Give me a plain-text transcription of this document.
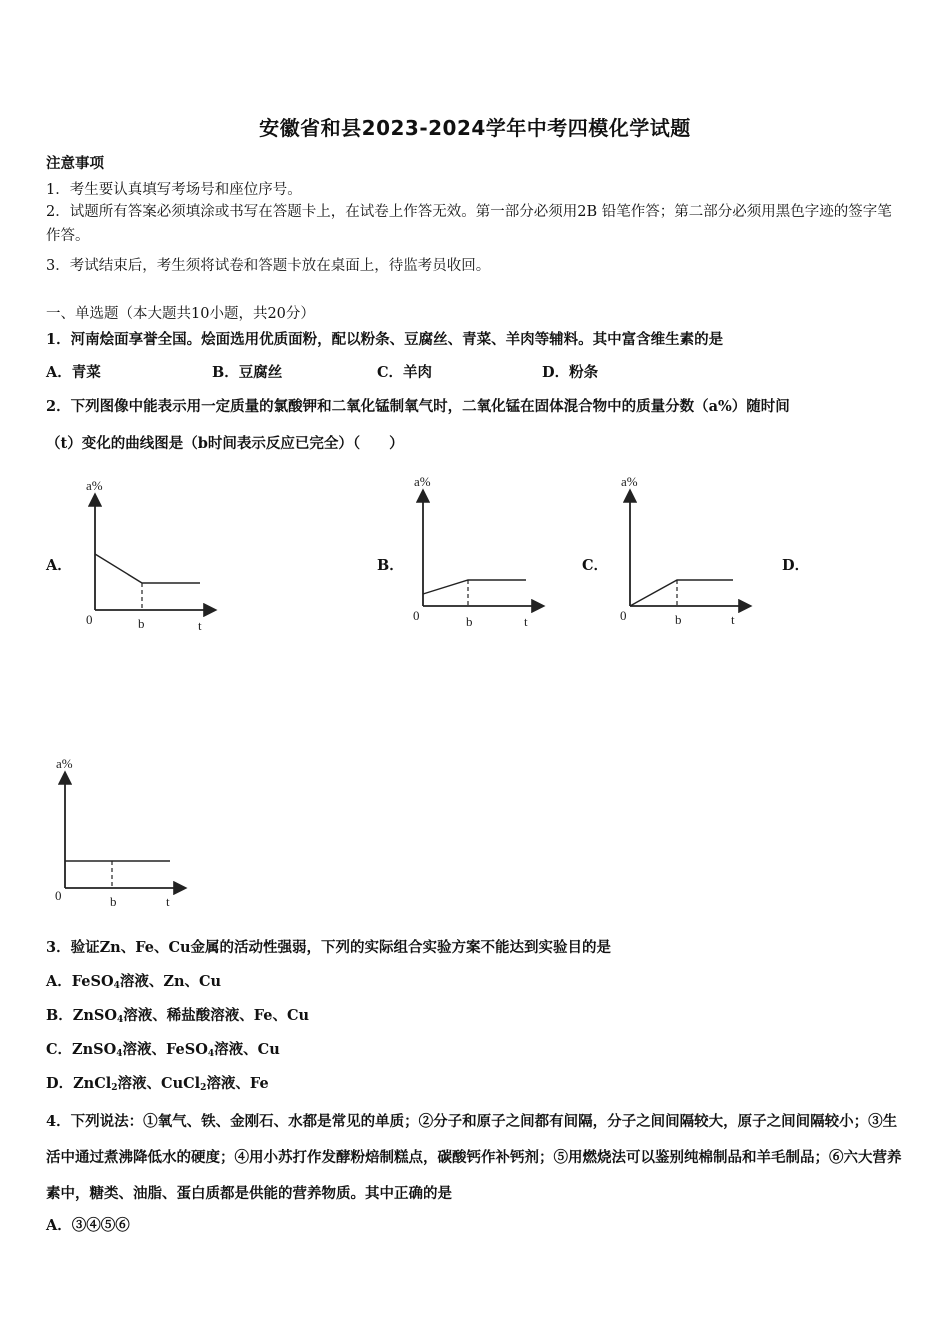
安徽省和县2023-2024学年中考四模化学试题
注意事项
1．考生要认真填写考场号和座位序号。
2．试题所有答案必须填涂或书写在答题卡上，在试卷上作答无效。第一部分必须用2B 铅笔作答；第二部分必须用黑色字迹的签字笔作答。
3．考试结束后，考生须将试卷和答题卡放在桌面上，待监考员收回。
一、单选题（本大题共10小题，共20分）
1．河南烩面享誉全国。烩面选用优质面粉，配以粉条、豆腐丝、青菜、羊肉等辅料。其中富含维生素的是
A．青菜	B．豆腐丝	C．羊肉	D．粉条
2．下列图像中能表示用一定质量的氯酸钾和二氧化锰制氧气时，二氧化锰在固体混合物中的质量分数（a%）随时间
（t）变化的曲线图是（b时间表示反应已完全）（　　）
A．	B．	C．	D．
a%
0	b	t
a%
0	b	t
a%
0	b	t
a%
0	b	t
3．验证Zn、Fe、Cu金属的活动性强弱，下列的实际组合实验方案不能达到实验目的是
A．FeSO$_4$溶液、Zn、Cu
B．ZnSO$_4$溶液、稀盐酸溶液、Fe、Cu
C．ZnSO$_4$溶液、FeSO$_4$溶液、Cu
D．ZnCl$_2$溶液、CuCl$_2$溶液、Fe
4．下列说法：①氧气、铁、金刚石、水都是常见的单质；②分子和原子之间都有间隔，分子之间间隔较大，原子之间间隔较小；③生活中通过煮沸降低水的硬度；④用小苏打作发酵粉焙制糕点，碳酸钙作补钙剂；⑤用燃烧法可以鉴别纯棉制品和羊毛制品；⑥六大营养素中，糖类、油脂、蛋白质都是供能的营养物质。其中正确的是
A．③④⑤⑥
